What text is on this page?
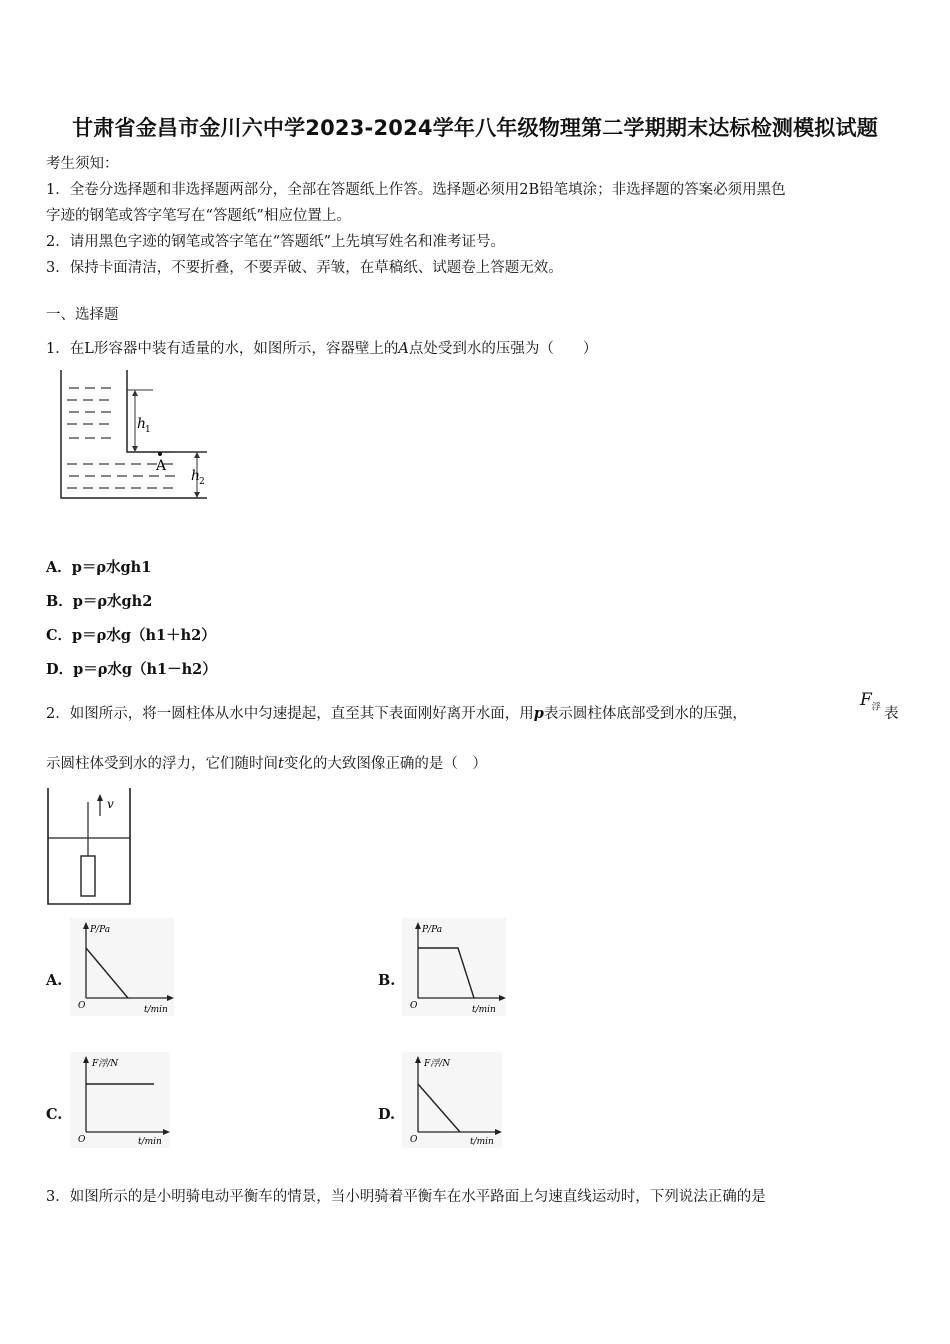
甘肃省金昌市金川六中学2023-2024学年八年级物理第二学期期末达标检测模拟试题
考生须知：
1．全卷分选择题和非选择题两部分，全部在答题纸上作答。选择题必须用2B铅笔填涂；非选择题的答案必须用黑色
字迹的钢笔或答字笔写在“答题纸”相应位置上。
2．请用黑色字迹的钢笔或答字笔在“答题纸”上先填写姓名和准考证号。
3．保持卡面清洁，不要折叠，不要弄破、弄皱，在草稿纸、试题卷上答题无效。
一、选择题
1．在L形容器中装有适量的水，如图所示，容器壁上的A点处受到水的压强为（　　）
h
1
A
h
2
A．p＝ρ水gh1
B．p＝ρ水gh2
C．p＝ρ水g（h1＋h2）
D．p＝ρ水g（h1－h2）
2．如图所示，将一圆柱体从水中匀速提起，直至其下表面刚好离开水面，用p表示圆柱体底部受到水的压强，
$F_浮$ 表
示圆柱体受到水的浮力，它们随时间t变化的大致图像正确的是（　）
v
A.
P/Pa
t/min
O
B.
P/Pa
t/min
O
C.
F浮/N
t/min
O
D.
F浮/N
t/min
O
3．如图所示的是小明骑电动平衡车的情景，当小明骑着平衡车在水平路面上匀速直线运动时，下列说法正确的是
